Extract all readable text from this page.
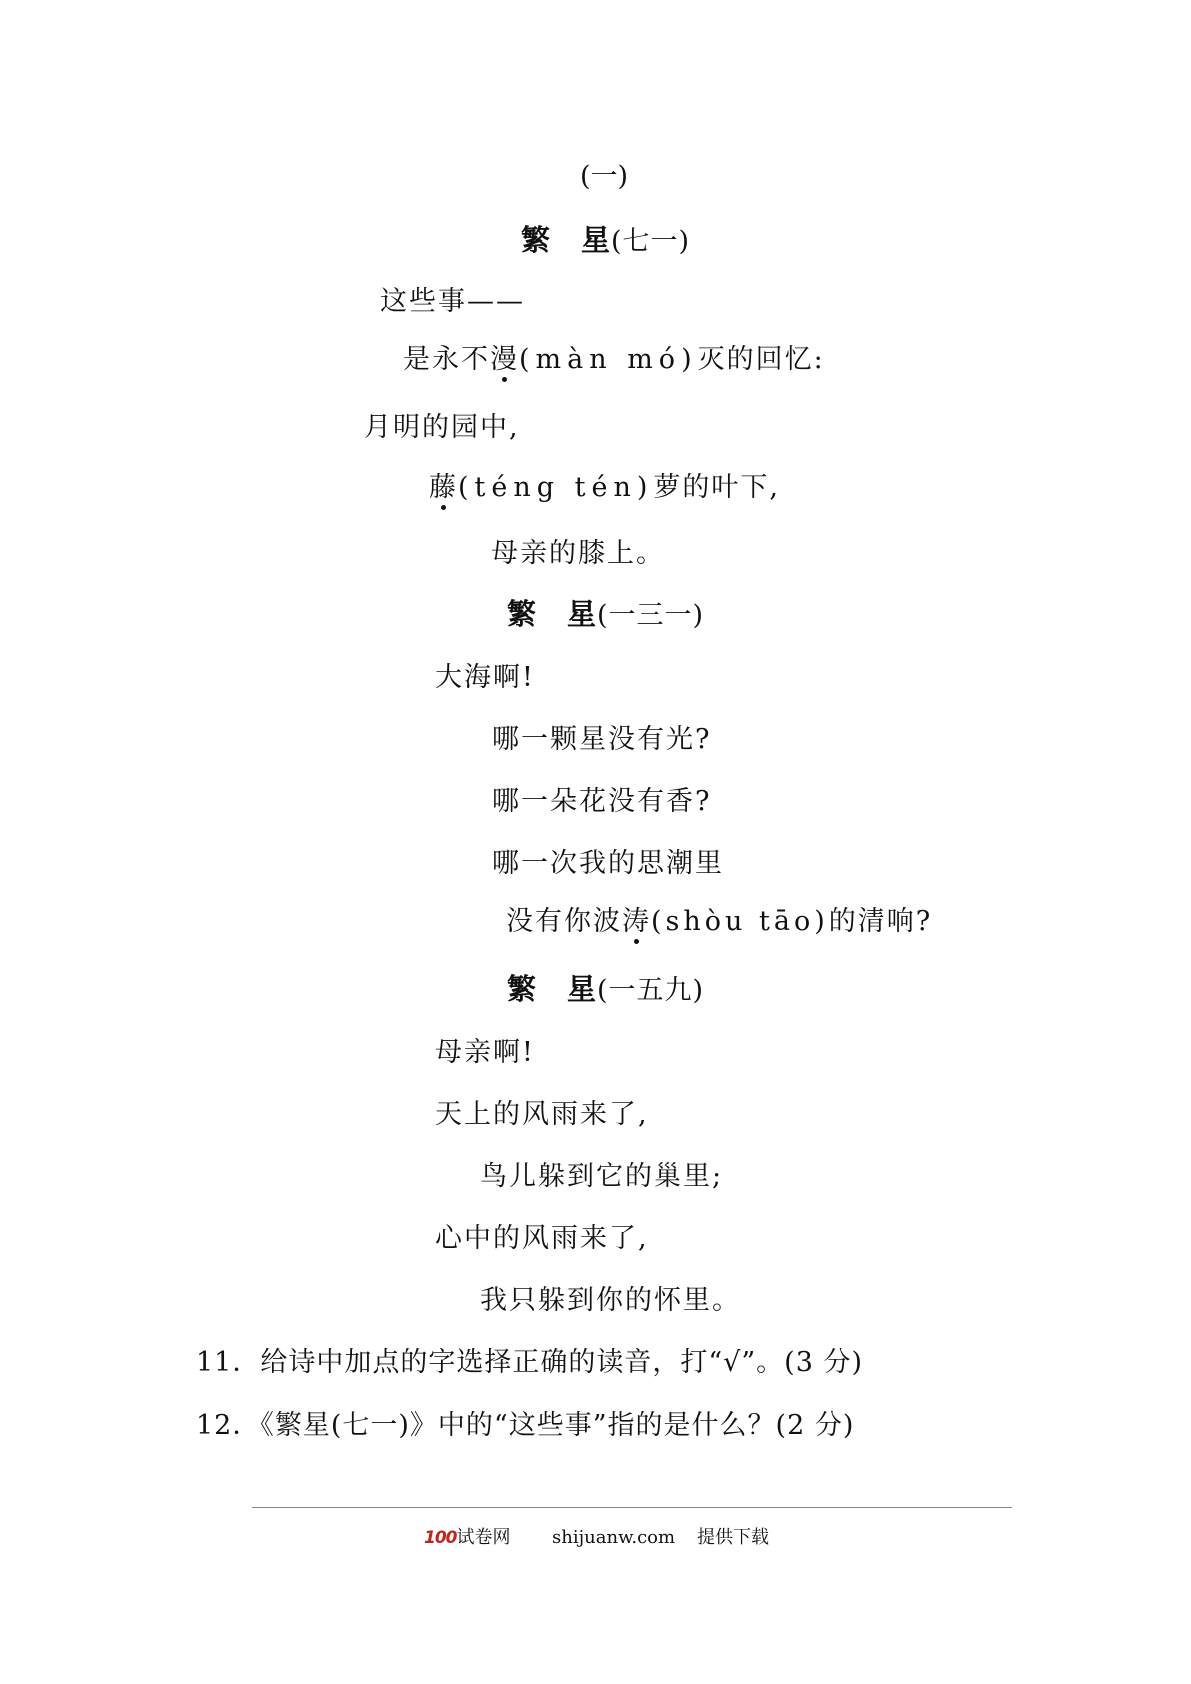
(一)
繁　星(七一)
这些事——
是永不漫(màn mó)灭的回忆:
月明的园中,
藤(téng tén)萝的叶下,
母亲的膝上。
繁　星(一三一)
大海啊!
哪一颗星没有光?
哪一朵花没有香?
哪一次我的思潮里
没有你波涛(shòu tāo)的清响?
繁　星(一五九)
母亲啊!
天上的风雨来了,
鸟儿躲到它的巢里;
心中的风雨来了,
我只躲到你的怀里。
11．给诗中加点的字选择正确的读音，打“√”。(3 分)
12．《繁星(七一)》中的“这些事”指的是什么？(2 分)
100试卷网 shijuanw.com 提供下载
